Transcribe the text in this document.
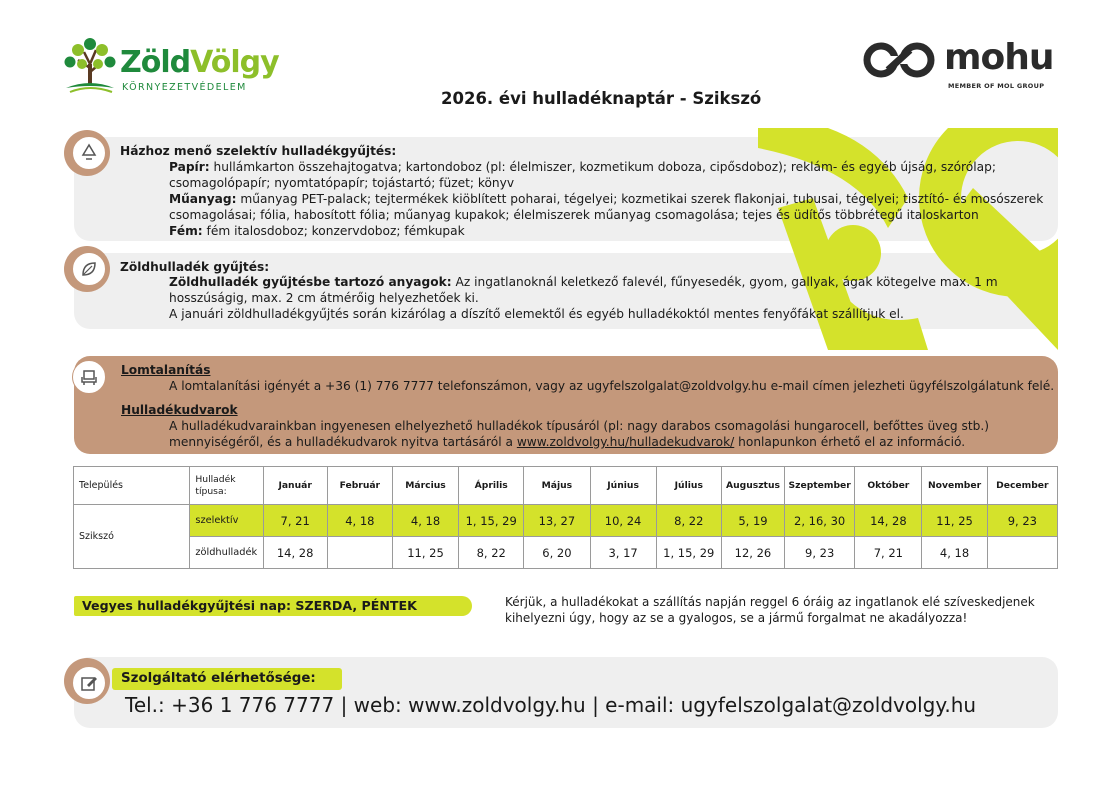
ZöldVölgy
KÖRNYEZETVÉDELEM
mohu
MEMBER OF MOL GROUP
2026. évi hulladéknaptár - Szikszó
Házhoz menő szelektív hulladékgyűjtés:
Papír: hullámkarton összehajtogatva; kartondoboz (pl: élelmiszer, kozmetikum doboza, cipősdoboz); reklám- és egyéb újság, szórólap;
csomagolópapír; nyomtatópapír; tojástartó; füzet; könyv
Műanyag: műanyag PET-palack; tejtermékek kiöblített poharai, tégelyei; kozmetikai szerek flakonjai, tubusai, tégelyei; tisztító- és mosószerek
csomagolásai; fólia, habosított fólia; műanyag kupakok; élelmiszerek műanyag csomagolása; tejes és üdítős többrétegű italoskarton
Fém: fém italosdoboz; konzervdoboz; fémkupak
Zöldhulladék gyűjtés:
Zöldhulladék gyűjtésbe tartozó anyagok: Az ingatlanoknál keletkező falevél, fűnyesedék, gyom, gallyak, ágak kötegelve max. 1 m
hosszúságig, max. 2 cm átmérőig helyezhetőek ki.
A januári zöldhulladékgyűjtés során kizárólag a díszítő elemektől és egyéb hulladékoktól mentes fenyőfákat szállítjuk el.
Lomtalanítás
A lomtalanítási igényét a +36 (1) 776 7777 telefonszámon, vagy az ugyfelszolgalat@zoldvolgy.hu e-mail címen jelezheti ügyfélszolgálatunk felé.
Hulladékudvarok
A hulladékudvarainkban ingyenesen elhelyezhető hulladékok típusáról (pl: nagy darabos csomagolási hungarocell, befőttes üveg stb.)
mennyiségéről, és a hulladékudvarok nyitva tartásáról a www.zoldvolgy.hu/hulladekudvarok/ honlapunkon érhető el az információ.
Település	Hulladék
típusa:	Január	Február	Március	Április	Május	Június	Július	Augusztus	Szeptember	Október	November	December
Szikszó	szelektív	7, 21	4, 18	4, 18	1, 15, 29	13, 27	10, 24	8, 22	5, 19	2, 16, 30	14, 28	11, 25	9, 23
	zöldhulladék	14, 28		11, 25	8, 22	6, 20	3, 17	1, 15, 29	12, 26	9, 23	7, 21	4, 18	
Vegyes hulladékgyűjtési nap: SZERDA, PÉNTEK	Kérjük, a hulladékokat a szállítás napján reggel 6 óráig az ingatlanok elé szíveskedjenek
kihelyezni úgy, hogy az se a gyalogos, se a jármű forgalmat ne akadályozza!
Szolgáltató elérhetősége:
Tel.: +36 1 776 7777 | web: www.zoldvolgy.hu | e-mail: ugyfelszolgalat@zoldvolgy.hu
